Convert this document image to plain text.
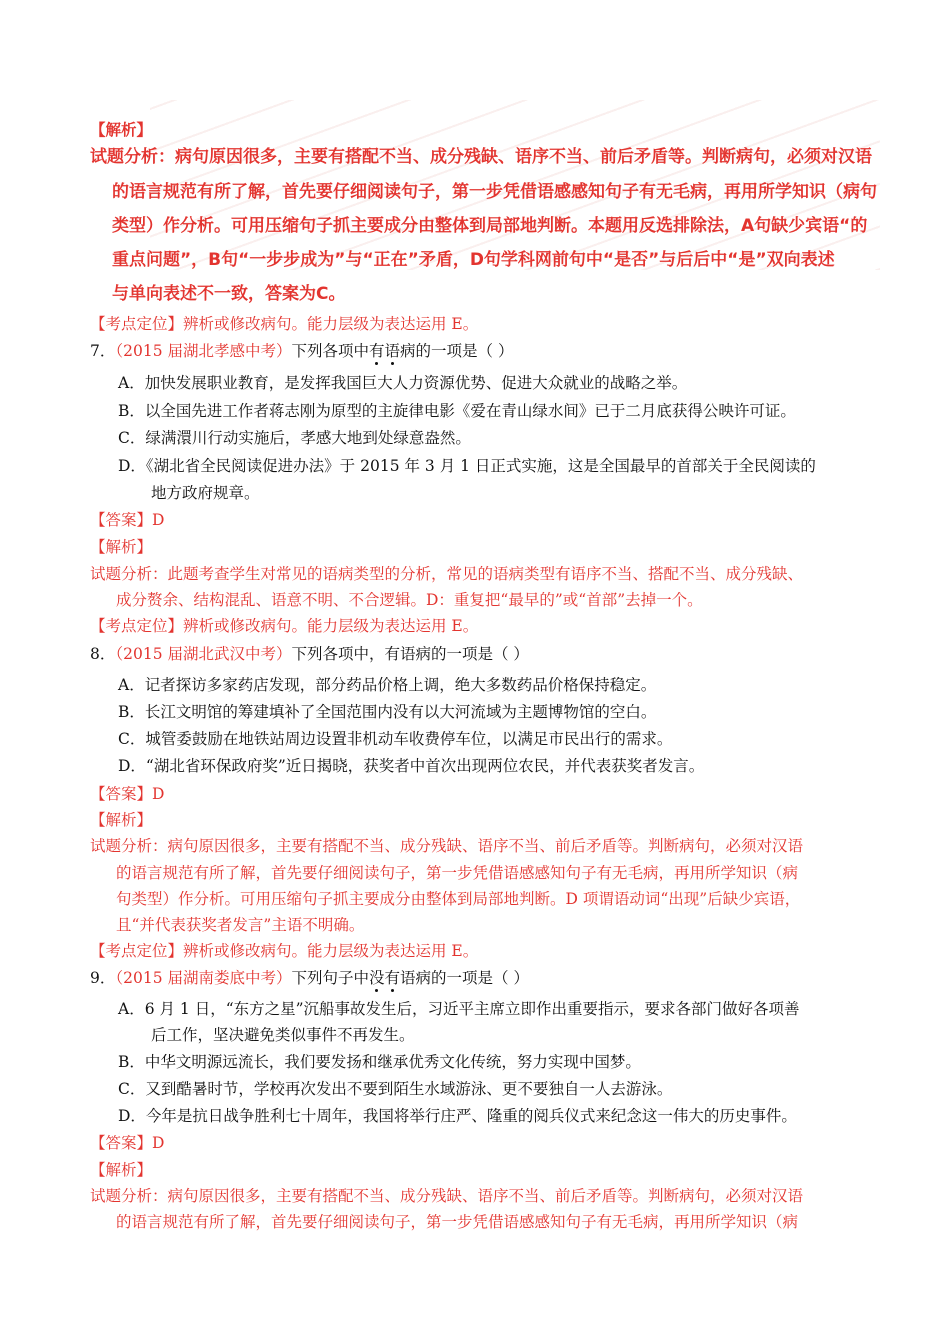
【解析】
试题分析：病句原因很多，主要有搭配不当、成分残缺、语序不当、前后矛盾等。判断病句，必须对汉语
的语言规范有所了解，首先要仔细阅读句子，第一步凭借语感感知句子有无毛病，再用所学知识（病句
类型）作分析。可用压缩句子抓主要成分由整体到局部地判断。本题用反选排除法，A句缺少宾语“的
重点问题”，B句“一步步成为”与“正在”矛盾，D句学科网前句中“是否”与后后中“是”双向表述
与单向表述不一致，答案为C。
【考点定位】辨析或修改病句。能力层级为表达运用 E。
7．（2015 届湖北孝感中考）下列各项中有语病的一项是（ ）
A．加快发展职业教育，是发挥我国巨大人力资源优势、促进大众就业的战略之举。
B．以全国先进工作者蒋志刚为原型的主旋律电影《爱在青山绿水间》已于二月底获得公映许可证。
C．绿满澴川行动实施后，孝感大地到处绿意盎然。
D．《湖北省全民阅读促进办法》于 2015 年 3 月 1 日正式实施，这是全国最早的首部关于全民阅读的
地方政府规章。
【答案】D
【解析】
试题分析：此题考查学生对常见的语病类型的分析，常见的语病类型有语序不当、搭配不当、成分残缺、
成分赘余、结构混乱、语意不明、不合逻辑。D：重复把“最早的”或“首部”去掉一个。
【考点定位】辨析或修改病句。能力层级为表达运用 E。
8．（2015 届湖北武汉中考）下列各项中，有语病的一项是（ ）
A．记者探访多家药店发现，部分药品价格上调，绝大多数药品价格保持稳定。
B．长江文明馆的筹建填补了全国范围内没有以大河流域为主题博物馆的空白。
C．城管委鼓励在地铁站周边设置非机动车收费停车位，以满足市民出行的需求。
D．“湖北省环保政府奖”近日揭晓，获奖者中首次出现两位农民，并代表获奖者发言。
【答案】D
【解析】
试题分析：病句原因很多，主要有搭配不当、成分残缺、语序不当、前后矛盾等。判断病句，必须对汉语
的语言规范有所了解，首先要仔细阅读句子，第一步凭借语感感知句子有无毛病，再用所学知识（病
句类型）作分析。可用压缩句子抓主要成分由整体到局部地判断。D 项谓语动词“出现”后缺少宾语，
且“并代表获奖者发言”主语不明确。
【考点定位】辨析或修改病句。能力层级为表达运用 E。
9．（2015 届湖南娄底中考）下列句子中没有语病的一项是（ ）
A．6 月 1 日，“东方之星”沉船事故发生后，习近平主席立即作出重要指示，要求各部门做好各项善
后工作，坚决避免类似事件不再发生。
B．中华文明源远流长，我们要发扬和继承优秀文化传统，努力实现中国梦。
C．又到酷暑时节，学校再次发出不要到陌生水域游泳、更不要独自一人去游泳。
D．今年是抗日战争胜利七十周年，我国将举行庄严、隆重的阅兵仪式来纪念这一伟大的历史事件。
【答案】D
【解析】
试题分析：病句原因很多，主要有搭配不当、成分残缺、语序不当、前后矛盾等。判断病句，必须对汉语
的语言规范有所了解，首先要仔细阅读句子，第一步凭借语感感知句子有无毛病，再用所学知识（病
